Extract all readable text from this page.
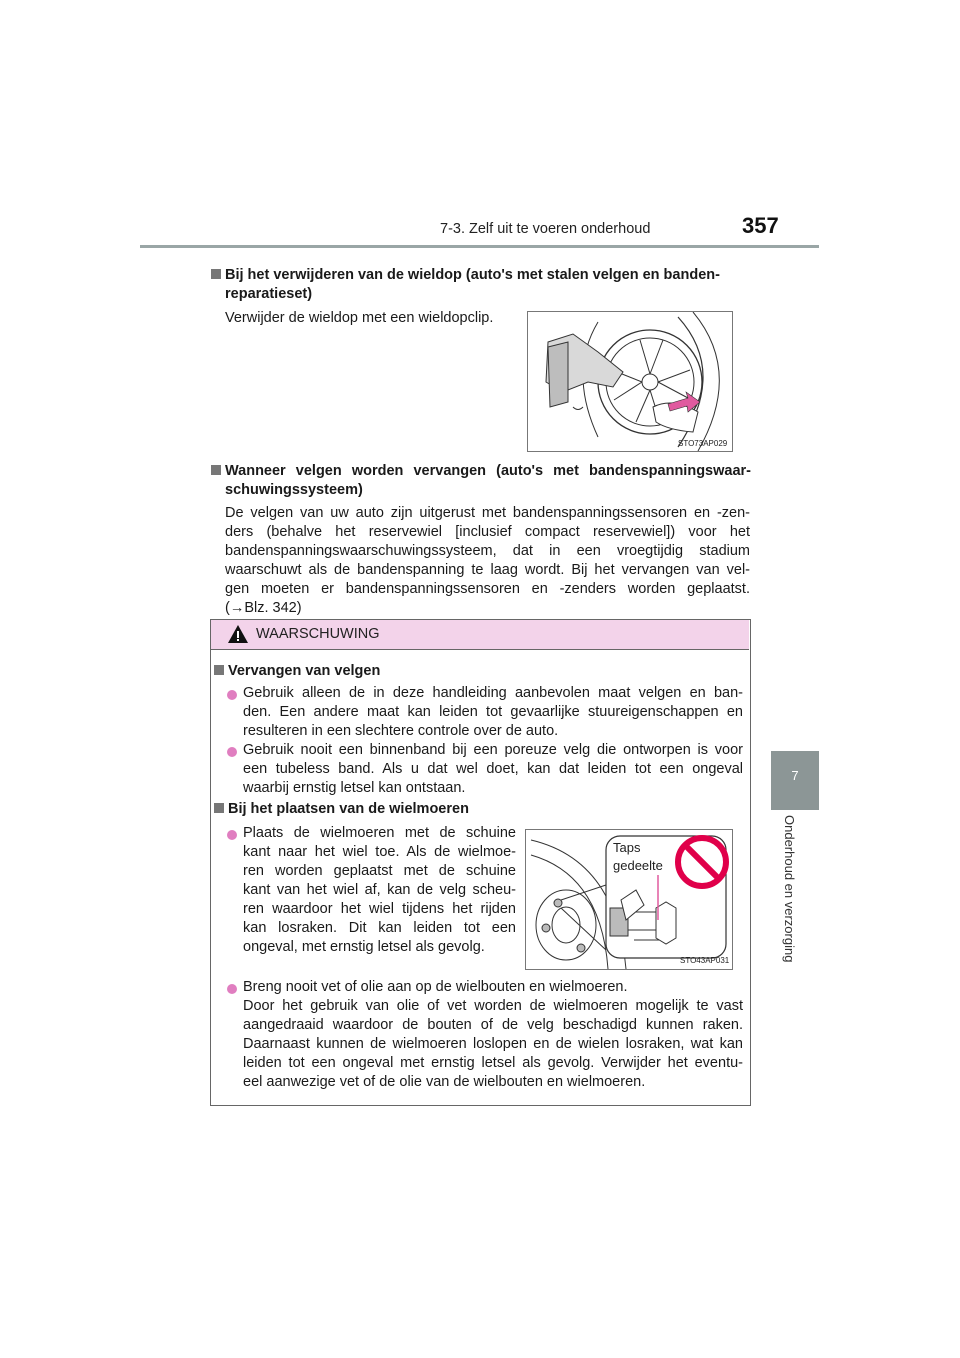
7-3. Zelf uit te voeren onderhoud	357
7
Onderhoud en verzorging
Bij het verwijderen van de wieldop (auto's met stalen velgen en banden-
reparatieset)
Verwijder de wieldop met een wieldopclip.
STO73AP029
Wanneer velgen worden vervangen (auto's met bandenspanningswaar-
schuwingssysteem)
De velgen van uw auto zijn uitgerust met bandenspanningssensoren en -zen-
ders (behalve het reservewiel [inclusief compact reservewiel]) voor het
bandenspanningswaarschuwingssysteem, dat in een vroegtijdig stadium
waarschuwt als de bandenspanning te laag wordt. Bij het vervangen van vel-
gen moeten er bandenspanningssensoren en -zenders worden geplaatst.
(→Blz. 342)
WAARSCHUWING
Vervangen van velgen
Gebruik alleen de in deze handleiding aanbevolen maat velgen en ban-
den. Een andere maat kan leiden tot gevaarlijke stuureigenschappen en
resulteren in een slechtere controle over de auto.
Gebruik nooit een binnenband bij een poreuze velg die ontworpen is voor
een tubeless band. Als u dat wel doet, kan dat leiden tot een ongeval
waarbij ernstig letsel kan ontstaan.
Bij het plaatsen van de wielmoeren
Plaats de wielmoeren met de schuine
kant naar het wiel toe. Als de wielmoe-
ren worden geplaatst met de schuine
kant van het wiel af, kan de velg scheu-
ren waardoor het wiel tijdens het rijden
kan losraken. Dit kan leiden tot een
ongeval, met ernstig letsel als gevolg.
Taps
gedeelte
STO43AP031
Breng nooit vet of olie aan op de wielbouten en wielmoeren.
Door het gebruik van olie of vet worden de wielmoeren mogelijk te vast
aangedraaid waardoor de bouten of de velg beschadigd kunnen raken.
Daarnaast kunnen de wielmoeren loslopen en de wielen losraken, wat kan
leiden tot een ongeval met ernstig letsel als gevolg. Verwijder het eventu-
eel aanwezige vet of de olie van de wielbouten en wielmoeren.
